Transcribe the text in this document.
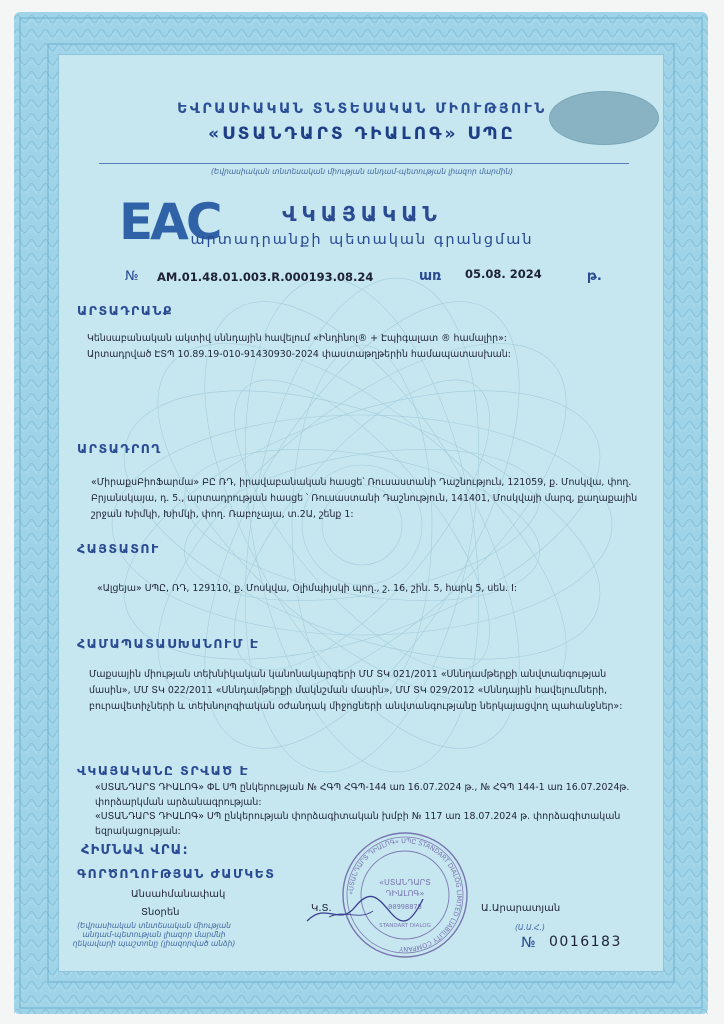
ԵՎՐԱՍԻԱԿԱՆ ՏՆՏԵՍԱԿԱՆ ՄԻՈՒԹՅՈՒՆ
«ՍՏԱՆԴԱՐՏ ԴԻԱԼՈԳ» ՍՊԸ
(Եվրասիական տնտեսական միության անդամ-պետության լիազոր մարմին)
EAC	ՎԿԱՅԱԿԱՆ
արտադրանքի պետական գրանցման
№ AM.01.48.01.003.R.000193.08.24	առ 05.08. 2024	թ.
ԱՐՏԱԴՐԱՆՔ
Կենսաբանական ակտիվ սննդային հավելում «Ինդինոլ® + Էպիգալատ ® համալիր»:
Արտադրված ԷՏՊ 10.89.19-010-91430930-2024 փաստաթղթերին համապատասխան:
ԱՐՏԱԴՐՈՂ
«ՄիրաքսԲիոՖարմա» ԲԸ ՌԴ, իրավաբանական հասցե՝ Ռուսաստանի Դաշնություն, 121059, ք. Մոսկվա, փող.
Բրյանսկայա, դ. 5., արտադրության հասցե ՝ Ռուսաստանի Դաշնություն, 141401, Մոսկվայի մարզ, քաղաքային
շրջան Խիմկի, Խիմկի, փող. Ռաբոչայա, տ.2Ա, շենք 1:
ՀԱՅՏԱՏՈՒ
«Ալցեյա» ՍՊԸ, ՌԴ, 129110, ք. Մոսկվա, Օլիմպիյսկի պող., շ. 16, շին. 5, հարկ 5, սեն. I:
ՀԱՄԱՊԱՏԱՍԽԱՆՈՒՄ Է
Մաքսային միության տեխնիկական կանոնակարգերի ՄՄ ՏԿ 021/2011 «Սննդամթերքի անվտանգության
մասին», ՄՄ ՏԿ 022/2011 «Սննդամթերքի մակնշման մասին», ՄՄ ՏԿ 029/2012 «Սննդային հավելումների,
բուրավետիչների և տեխնոլոգիական օժանդակ միջոցների անվտանգությանը ներկայացվող պահանջներ»:
ՎԿԱՅԱԿԱՆԸ ՏՐՎԱԾ Է
«ՍՏԱՆԴԱՐՏ ԴԻԱԼՈԳ» ՓԼ ՍՊ ընկերության № ՀԳՊ ՀԳՊ-144 առ 16.07.2024 թ., № ՀԳՊ 144-1 առ 16.07.2024թ.
փորձարկման արձանագրության:
«ՍՏԱՆԴԱՐՏ ԴԻԱԼՈԳ» ՍՊ ընկերության փորձագիտական խմբի № 117 առ 18.07.2024 թ. փորձագիտական
եզրակացության:
ՀԻՄՆԱՎ ՎՐԱ:
ԳՈՐԾՈՂՈՒԹՅԱՆ ԺԱՄԿԵՏ
Անսահմանափակ
Տնօրեն
(Եվրասիական տնտեսական միության
անդամ-պետության լիազոր մարմնի
ղեկավարի պաշտոնը (լիազորված անձի)
Կ.Տ.
«ՍՏԱՆԴԱՐՏ ԴԻԱԼՈԳ» ՍՊԸ STANDART DIALOG LIMITED LIABILITY COMPANY
«ՍՏԱՆԴԱՐՏ
ԴԻԱԼՈԳ»
00998878
STANDART DIALOG
Ա.Արարատյան
(Ա.Ա.Հ.)
№ 0016183
